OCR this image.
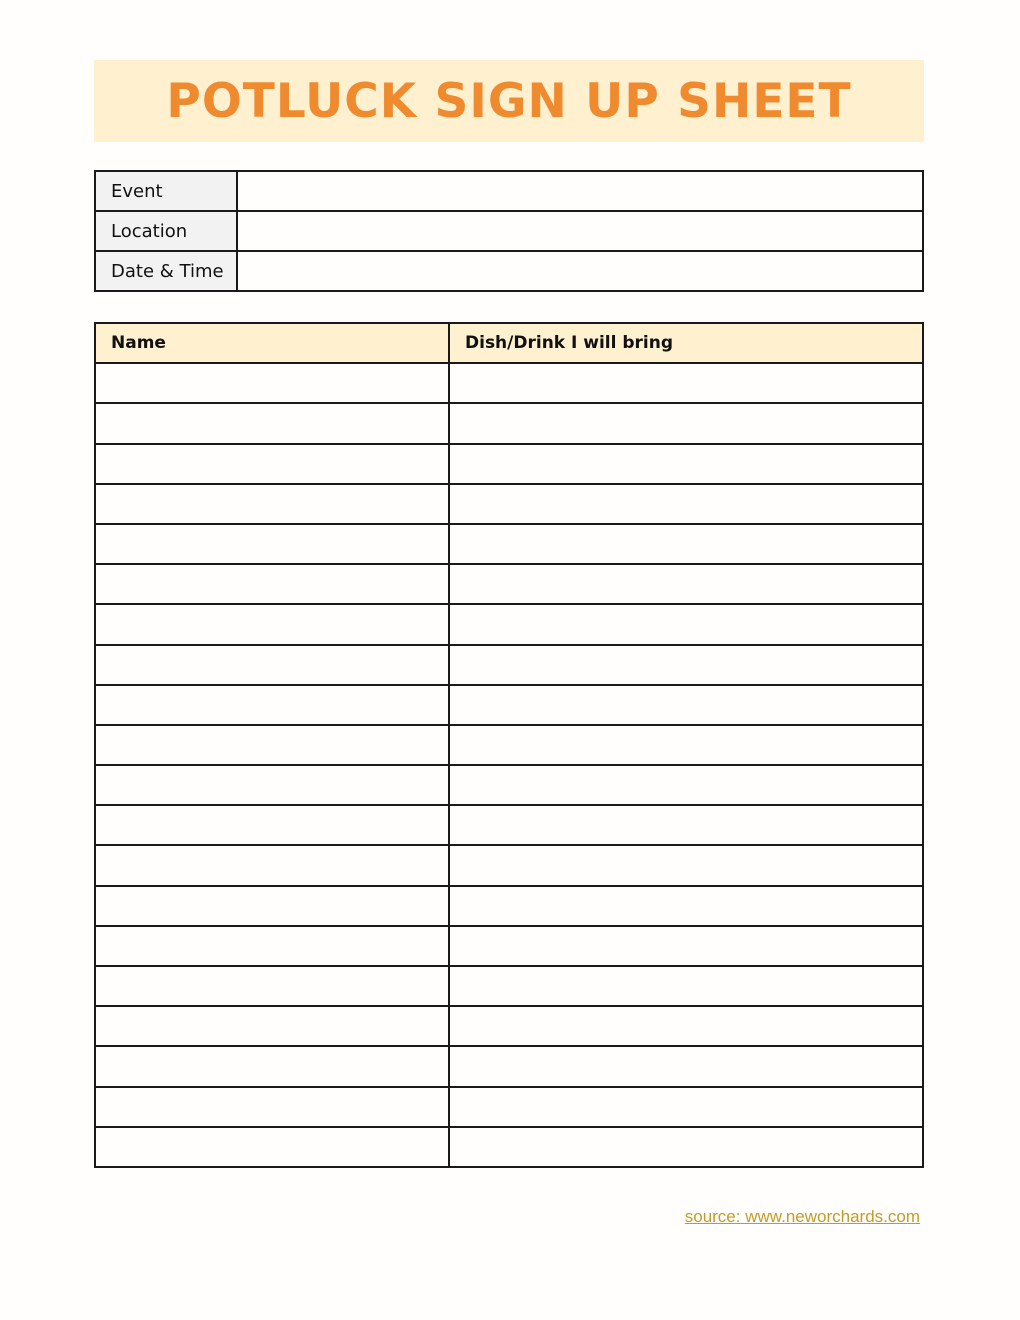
POTLUCK SIGN UP SHEET
Event	
Location	
Date & Time	
Name	Dish/Drink I will bring

source: www.neworchards.com
